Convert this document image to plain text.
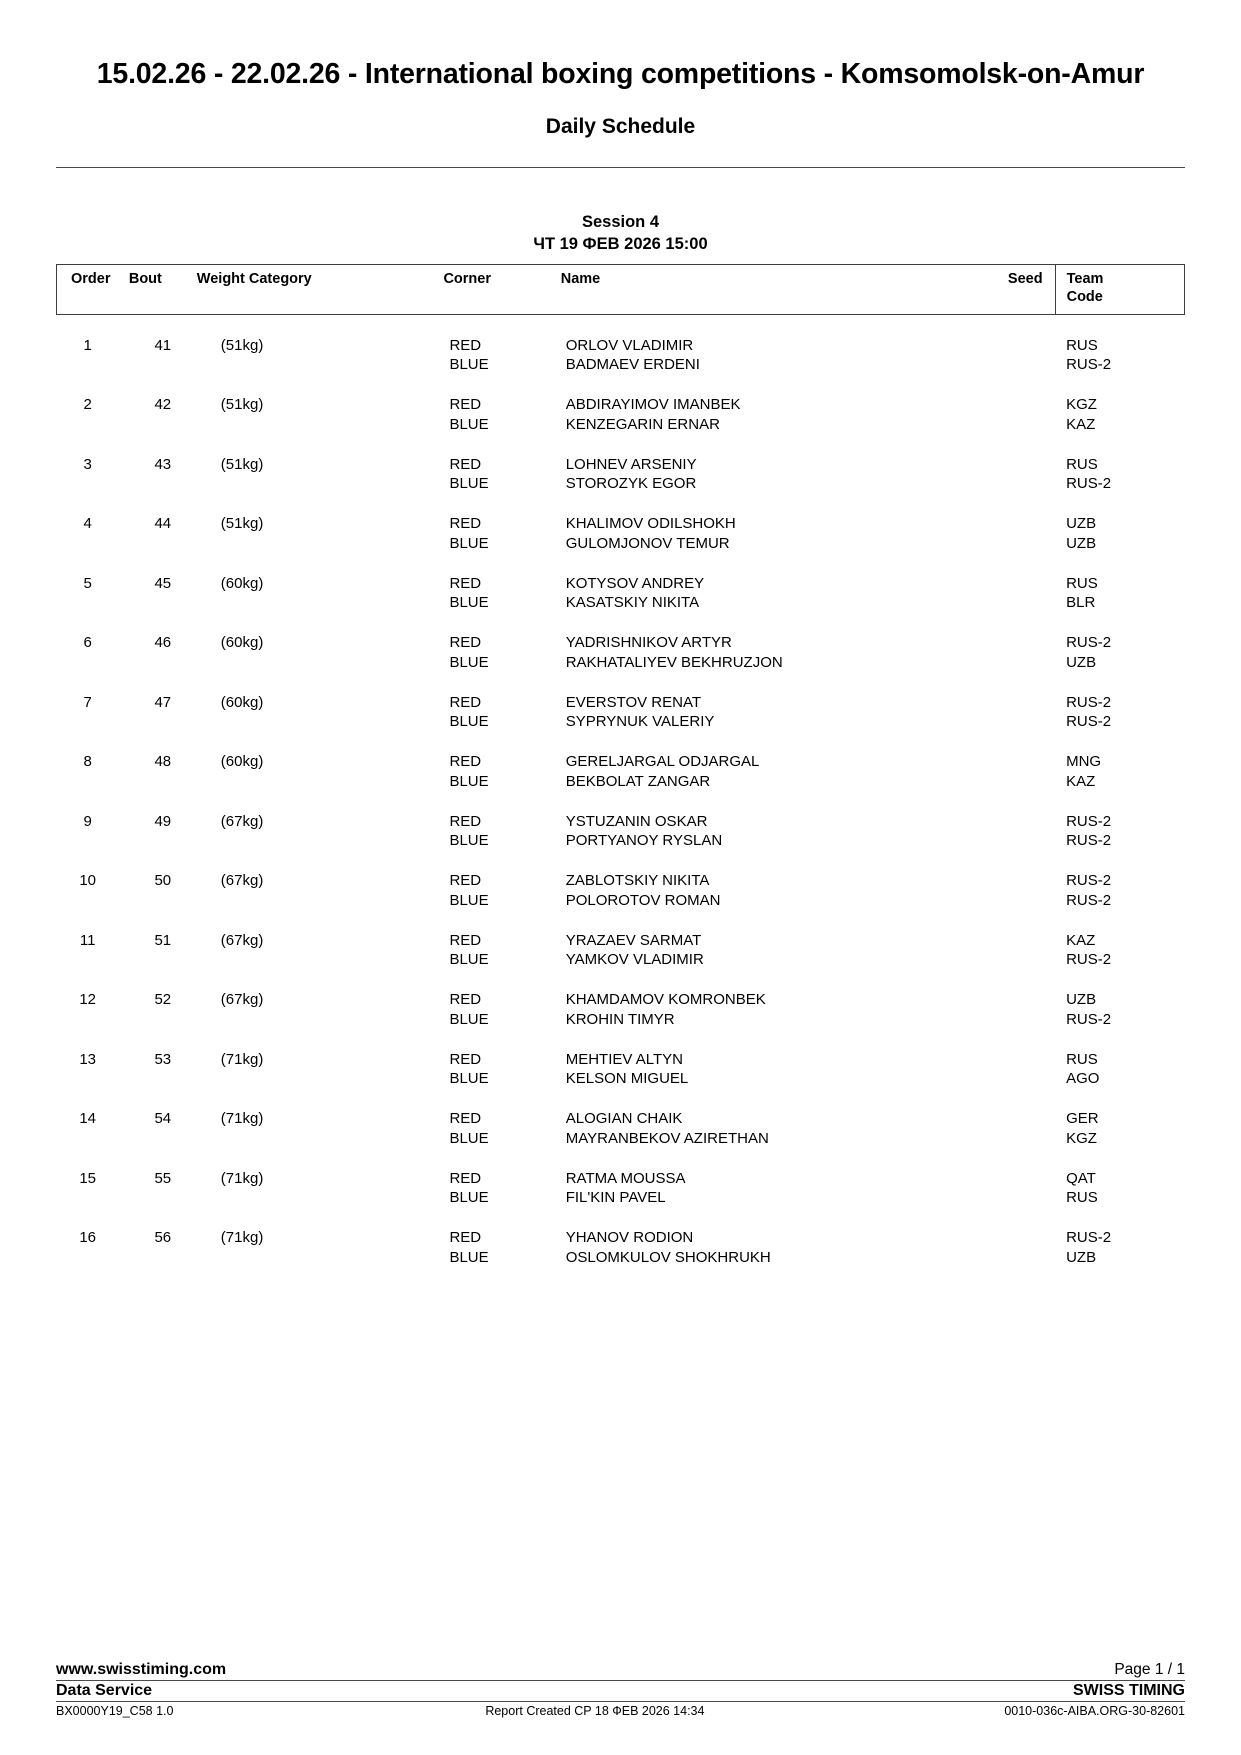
15.02.26 - 22.02.26 - International boxing competitions - Komsomolsk-on-Amur
Daily Schedule
Session 4
ЧТ 19 ФЕВ 2026 15:00
Order	Bout	Weight Category	Corner	Name	Seed	Team
Code
1	41	(51kg)	RED	ORLOV VLADIMIR		RUS
			BLUE	BADMAEV ERDENI		RUS-2
2	42	(51kg)	RED	ABDIRAYIMOV IMANBEK		KGZ
			BLUE	KENZEGARIN ERNAR		KAZ
3	43	(51kg)	RED	LOHNEV ARSENIY		RUS
			BLUE	STOROZYK EGOR		RUS-2
4	44	(51kg)	RED	KHALIMOV ODILSHOKH		UZB
			BLUE	GULOMJONOV TEMUR		UZB
5	45	(60kg)	RED	KOTYSOV ANDREY		RUS
			BLUE	KASATSKIY NIKITA		BLR
6	46	(60kg)	RED	YADRISHNIKOV ARTYR		RUS-2
			BLUE	RAKHATALIYEV BEKHRUZJON		UZB
7	47	(60kg)	RED	EVERSTOV RENAT		RUS-2
			BLUE	SYPRYNUK VALERIY		RUS-2
8	48	(60kg)	RED	GERELJARGAL ODJARGAL		MNG
			BLUE	BEKBOLAT ZANGAR		KAZ
9	49	(67kg)	RED	YSTUZANIN OSKAR		RUS-2
			BLUE	PORTYANOY RYSLAN		RUS-2
10	50	(67kg)	RED	ZABLOTSKIY NIKITA		RUS-2
			BLUE	POLOROTOV ROMAN		RUS-2
11	51	(67kg)	RED	YRAZAEV SARMAT		KAZ
			BLUE	YAMKOV VLADIMIR		RUS-2
12	52	(67kg)	RED	KHAMDAMOV KOMRONBEK		UZB
			BLUE	KROHIN TIMYR		RUS-2
13	53	(71kg)	RED	MEHTIEV ALTYN		RUS
			BLUE	KELSON MIGUEL		AGO
14	54	(71kg)	RED	ALOGIAN CHAIK		GER
			BLUE	MAYRANBEKOV AZIRETHAN		KGZ
15	55	(71kg)	RED	RATMA MOUSSA		QAT
			BLUE	FIL'KIN PAVEL		RUS
16	56	(71kg)	RED	YHANOV RODION		RUS-2
			BLUE	OSLOMKULOV SHOKHRUKH		UZB
www.swisstiming.com	Page 1 / 1
Data Service	SWISS TIMING
BX0000Y19_C58 1.0	Report Created CP 18 ФЕВ 2026 14:34	0010-036c-AIBA.ORG-30-82601
